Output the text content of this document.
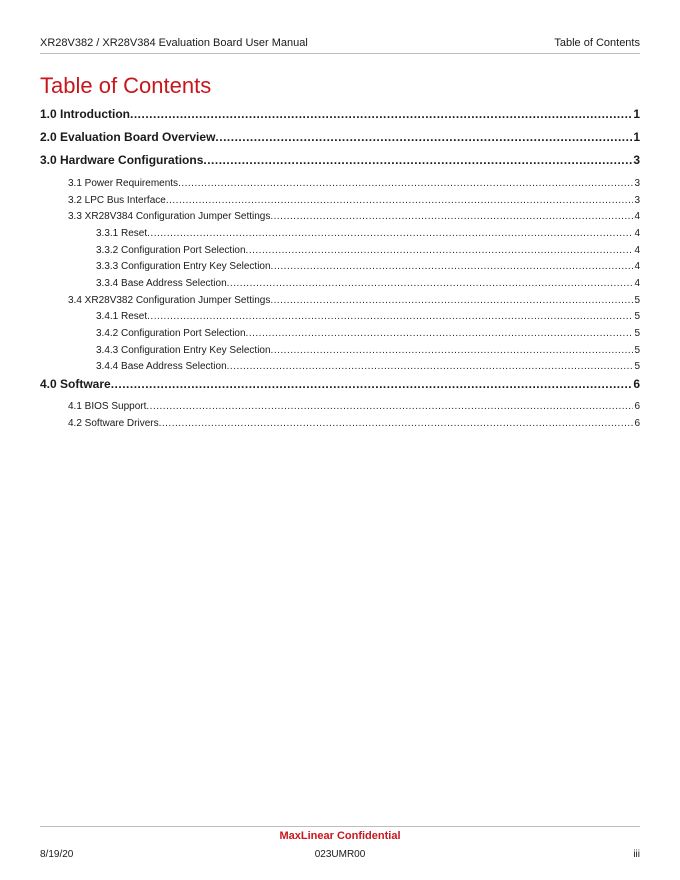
XR28V382 / XR28V384 Evaluation Board User Manual	Table of Contents
Table of Contents
1.0 Introduction .....	1
2.0 Evaluation Board Overview .....	1
3.0 Hardware Configurations .....	3
3.1 Power Requirements .....	3
3.2 LPC Bus Interface .....	3
3.3 XR28V384 Configuration Jumper Settings .....	4
3.3.1 Reset .....	4
3.3.2 Configuration Port Selection .....	4
3.3.3 Configuration Entry Key Selection .....	4
3.3.4 Base Address Selection .....	4
3.4 XR28V382 Configuration Jumper Settings .....	5
3.4.1 Reset .....	5
3.4.2 Configuration Port Selection .....	5
3.4.3 Configuration Entry Key Selection .....	5
3.4.4 Base Address Selection .....	5
4.0 Software .....	6
4.1 BIOS Support .....	6
4.2 Software Drivers .....	6
MaxLinear Confidential
8/19/20	023UMR00	iii
